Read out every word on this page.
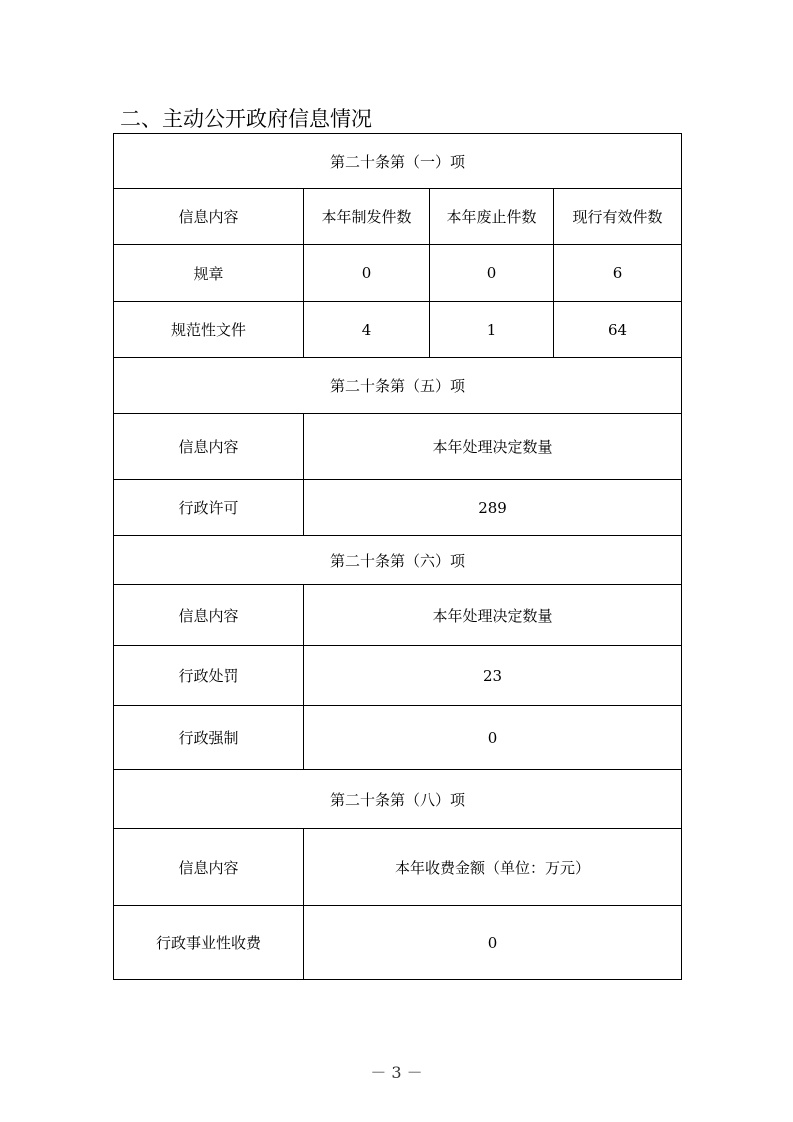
二、主动公开政府信息情况
第二十条第（一）项			
信息内容	本年制发件数	本年废止件数	现行有效件数
规章	0	0	6
规范性文件	4	1	64
第二十条第（五）项			
信息内容	本年处理决定数量		
行政许可	289		
第二十条第（六）项			
信息内容	本年处理决定数量		
行政处罚	23		
行政强制	0		
第二十条第（八）项			
信息内容	本年收费金额（单位：万元）		
行政事业性收费	0		
－ 3 －
